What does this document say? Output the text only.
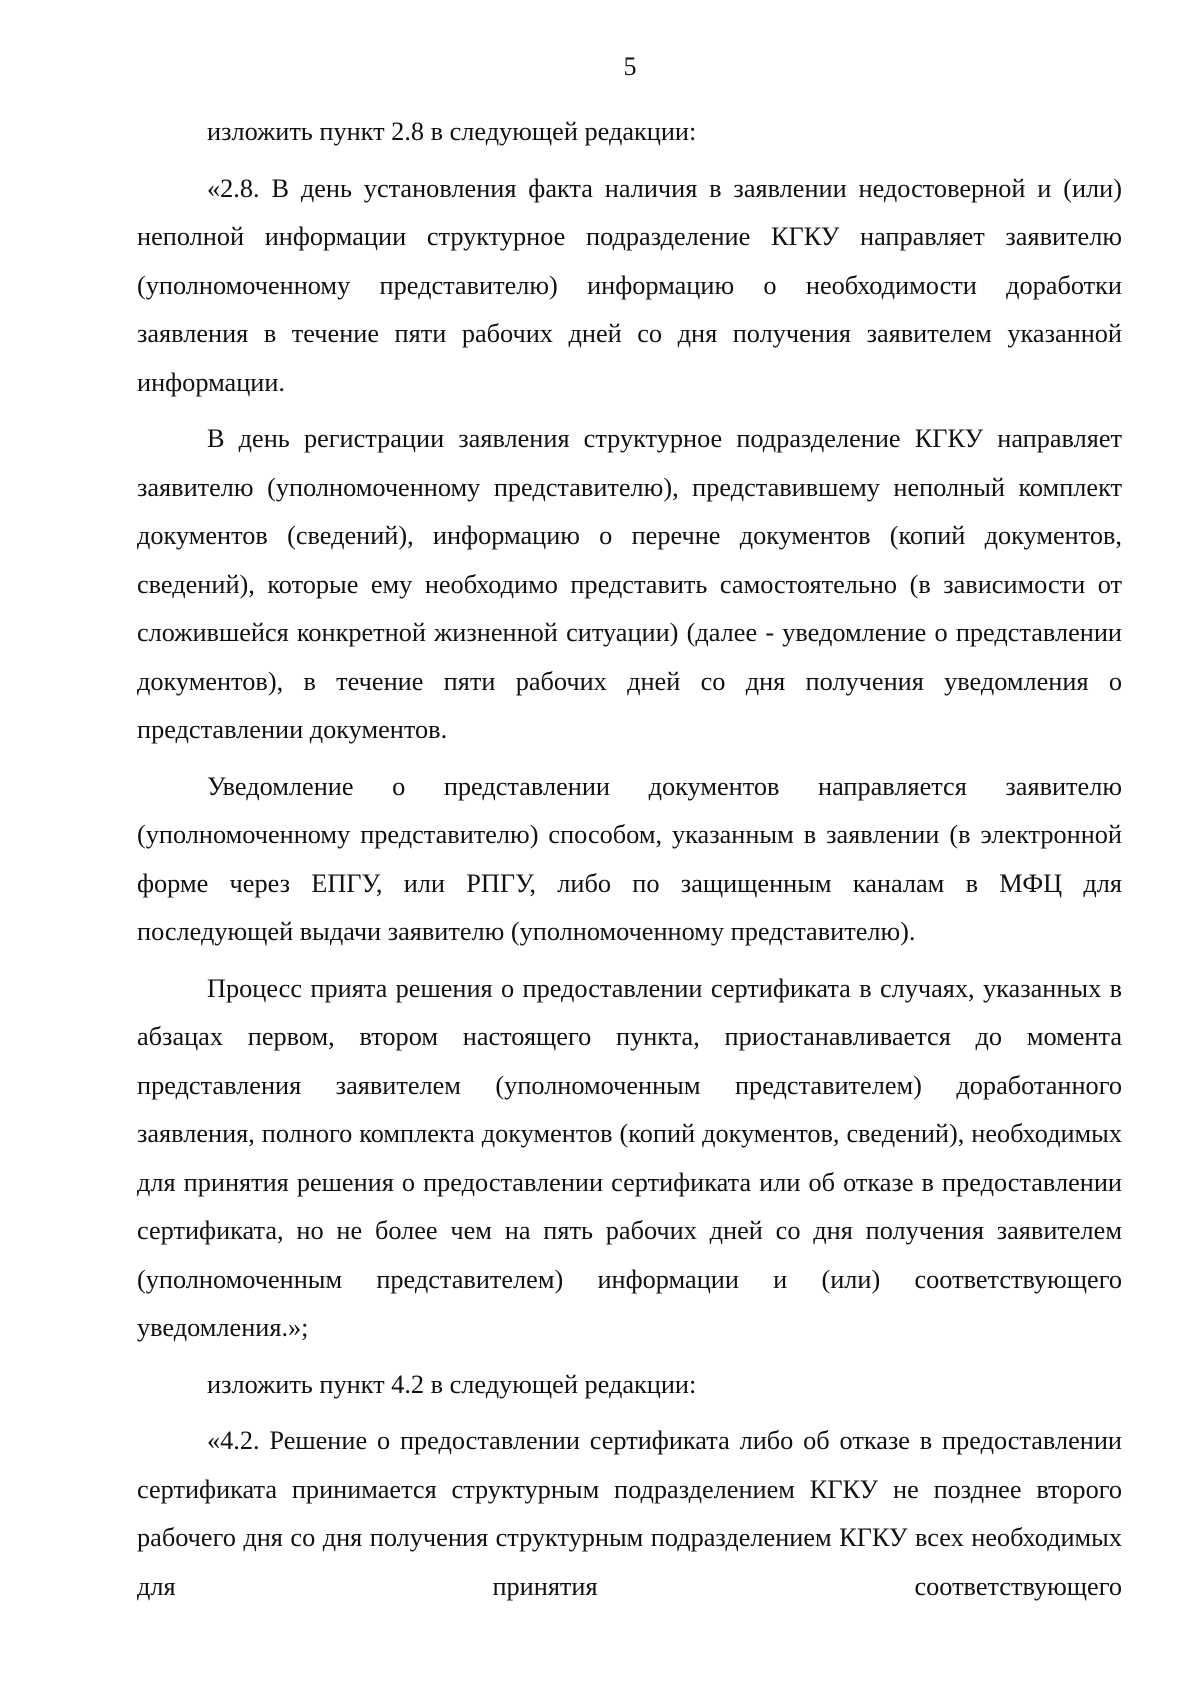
5

изложить пункт 2.8 в следующей редакции:

«2.8. В день установления факта наличия в заявлении недостоверной и (или) неполной информации структурное подразделение КГКУ направляет заявителю (уполномоченному представителю) информацию о необходимости доработки заявления в течение пяти рабочих дней со дня получения заявителем указанной информации.

В день регистрации заявления структурное подразделение КГКУ направляет заявителю (уполномоченному представителю), представившему неполный комплект документов (сведений), информацию о перечне документов (копий документов, сведений), которые ему необходимо представить самостоятельно (в зависимости от сложившейся конкретной жизненной ситуации) (далее - уведомление о представлении документов), в течение пяти рабочих дней со дня получения уведомления о представлении документов.

Уведомление о представлении документов направляется заявителю (уполномоченному представителю) способом, указанным в заявлении (в электронной форме через ЕПГУ, или РПГУ, либо по защищенным каналам в МФЦ для последующей выдачи заявителю (уполномоченному представителю).

Процесс прията решения о предоставлении сертификата в случаях, указанных в абзацах первом, втором настоящего пункта, приостанавливается до момента представления заявителем (уполномоченным представителем) доработанного заявления, полного комплекта документов (копий документов, сведений), необходимых для принятия решения о предоставлении сертификата или об отказе в предоставлении сертификата, но не более чем на пять рабочих дней со дня получения заявителем (уполномоченным представителем) информации и (или) соответствующего уведомления.»;

изложить пункт 4.2 в следующей редакции:

«4.2. Решение о предоставлении сертификата либо об отказе в предоставлении сертификата принимается структурным подразделением КГКУ не позднее второго рабочего дня со дня получения структурным подразделением КГКУ всех необходимых для принятия соответствующего
